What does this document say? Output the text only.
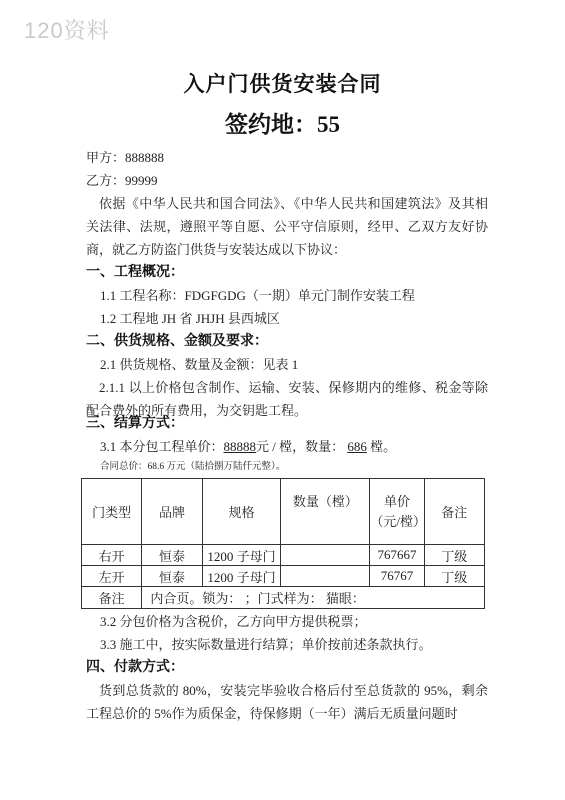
120资料
入户门供货安装合同
签约地：55
甲方：888888
乙方：99999
依据《中华人民共和国合同法》、《中华人民共和国建筑法》及其相关法律、法规，遵照平等自愿、公平守信原则，经甲、乙双方友好协商，就乙方防盗门供货与安装达成以下协议：
一、工程概况：
1.1 工程名称：FDGFGDG（一期）单元门制作安装工程
1.2 工程地 JH 省 JHJH 县西城区
二、供货规格、金额及要求：
2.1 供货规格、数量及金额：见表 1
2.1.1 以上价格包含制作、运输、安装、保修期内的维修、税金等除配合费外的所有费用，为交钥匙工程。
三、结算方式：
3.1 本分包工程单价：88888元 / 樘，数量： 686 樘。
合同总价：68.6 万元（陆拾捌万陆仟元整）。
门类型	品牌	规格	数量（樘）	单价（元/樘）	备注
右开	恒泰	1200 子母门		767667	丁级
左开	恒泰	1200 子母门		76767	丁级
备注	内合页。锁为： ；门式样为： 猫眼：				
3.2 分包价格为含税价，乙方向甲方提供税票；
3.3 施工中，按实际数量进行结算；单价按前述条款执行。
四、付款方式：
货到总货款的 80%，安装完毕验收合格后付至总货款的 95%，剩余工程总价的 5%作为质保金，待保修期（一年）满后无质量问题时
